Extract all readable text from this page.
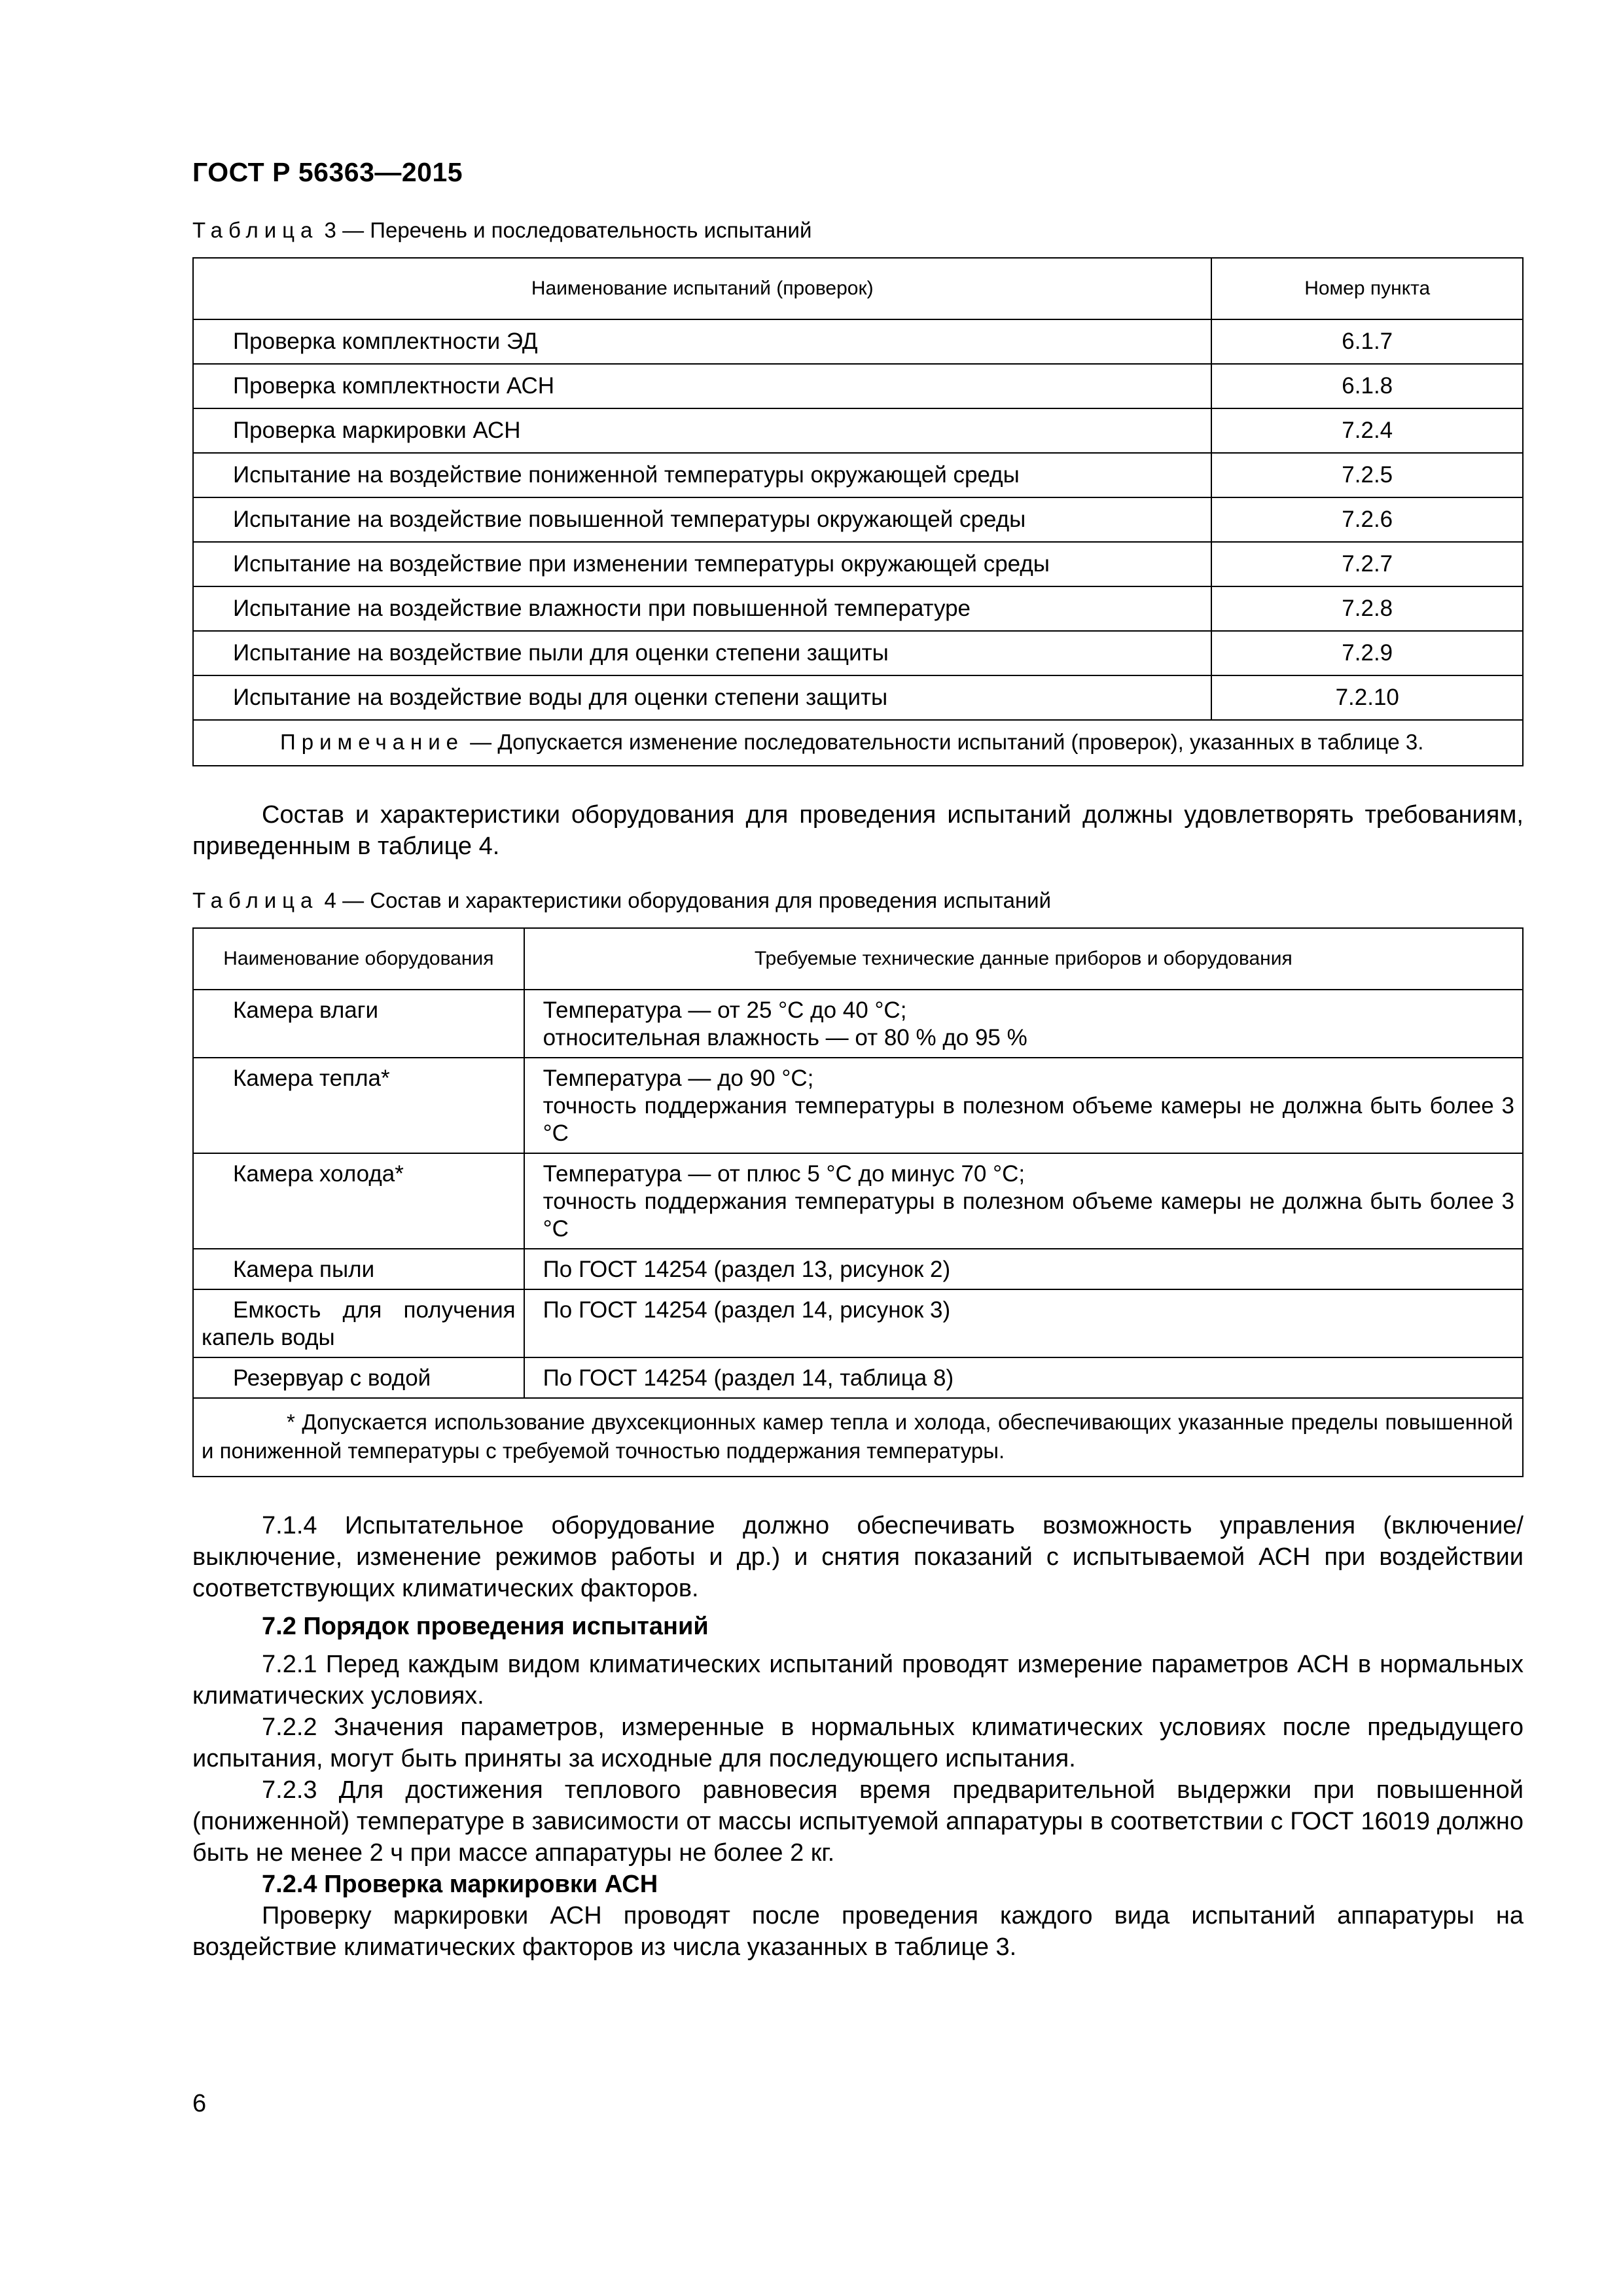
ГОСТ Р 56363—2015
Таблица 3 — Перечень и последовательность испытаний
Наименование испытаний (проверок)	Номер пункта
Проверка комплектности ЭД	6.1.7
Проверка комплектности АСН	6.1.8
Проверка маркировки АСН	7.2.4
Испытание на воздействие пониженной температуры окружающей среды	7.2.5
Испытание на воздействие повышенной температуры окружающей среды	7.2.6
Испытание на воздействие при изменении температуры окружающей среды	7.2.7
Испытание на воздействие влажности при повышенной температуре	7.2.8
Испытание на воздействие пыли для оценки степени защиты	7.2.9
Испытание на воздействие воды для оценки степени защиты	7.2.10
Примечание — Допускается изменение последовательности испытаний (проверок), указанных в таблице 3.	

Состав и характеристики оборудования для проведения испытаний должны удовлетворять требованиям, приведенным в таблице 4.

Таблица 4 — Состав и характеристики оборудования для проведения испытаний
Наименование оборудования	Требуемые технические данные приборов и оборудования
Камера влаги	Температура — от 25 °С до 40 °С;
относительная влажность — от 80 % до 95 %

Камера тепла*	Температура — до 90 °С;
точность поддержания температуры в полезном объеме камеры не должна быть более 3 °С

Камера холода*	Температура — от плюс 5 °С до минус 70 °С;
точность поддержания температуры в полезном объеме камеры не должна быть более 3 °С

Камера пыли	По ГОСТ 14254 (раздел 13, рисунок 2)
Емкость для получения капель воды	По ГОСТ 14254 (раздел 14, рисунок 3)
Резервуар с водой	По ГОСТ 14254 (раздел 14, таблица 8)
* Допускается использование двухсекционных камер тепла и холода, обеспечивающих указанные пределы повышенной и пониженной температуры с требуемой точностью поддержания температуры.	

7.1.4 Испытательное оборудование должно обеспечивать возможность управления (включение/выключение, изменение режимов работы и др.) и снятия показаний с испытываемой АСН при воздействии соответствующих климатических факторов.

7.2 Порядок проведения испытаний

7.2.1 Перед каждым видом климатических испытаний проводят измерение параметров АСН в нормальных климатических условиях.

7.2.2 Значения параметров, измеренные в нормальных климатических условиях после предыдущего испытания, могут быть приняты за исходные для последующего испытания.

7.2.3 Для достижения теплового равновесия время предварительной выдержки при повышенной (пониженной) температуре в зависимости от массы испытуемой аппаратуры в соответствии с ГОСТ 16019 должно быть не менее 2 ч при массе аппаратуры не более 2 кг.

7.2.4 Проверка маркировки АСН

Проверку маркировки АСН проводят после проведения каждого вида испытаний аппаратуры на воздействие климатических факторов из числа указанных в таблице 3.

6
